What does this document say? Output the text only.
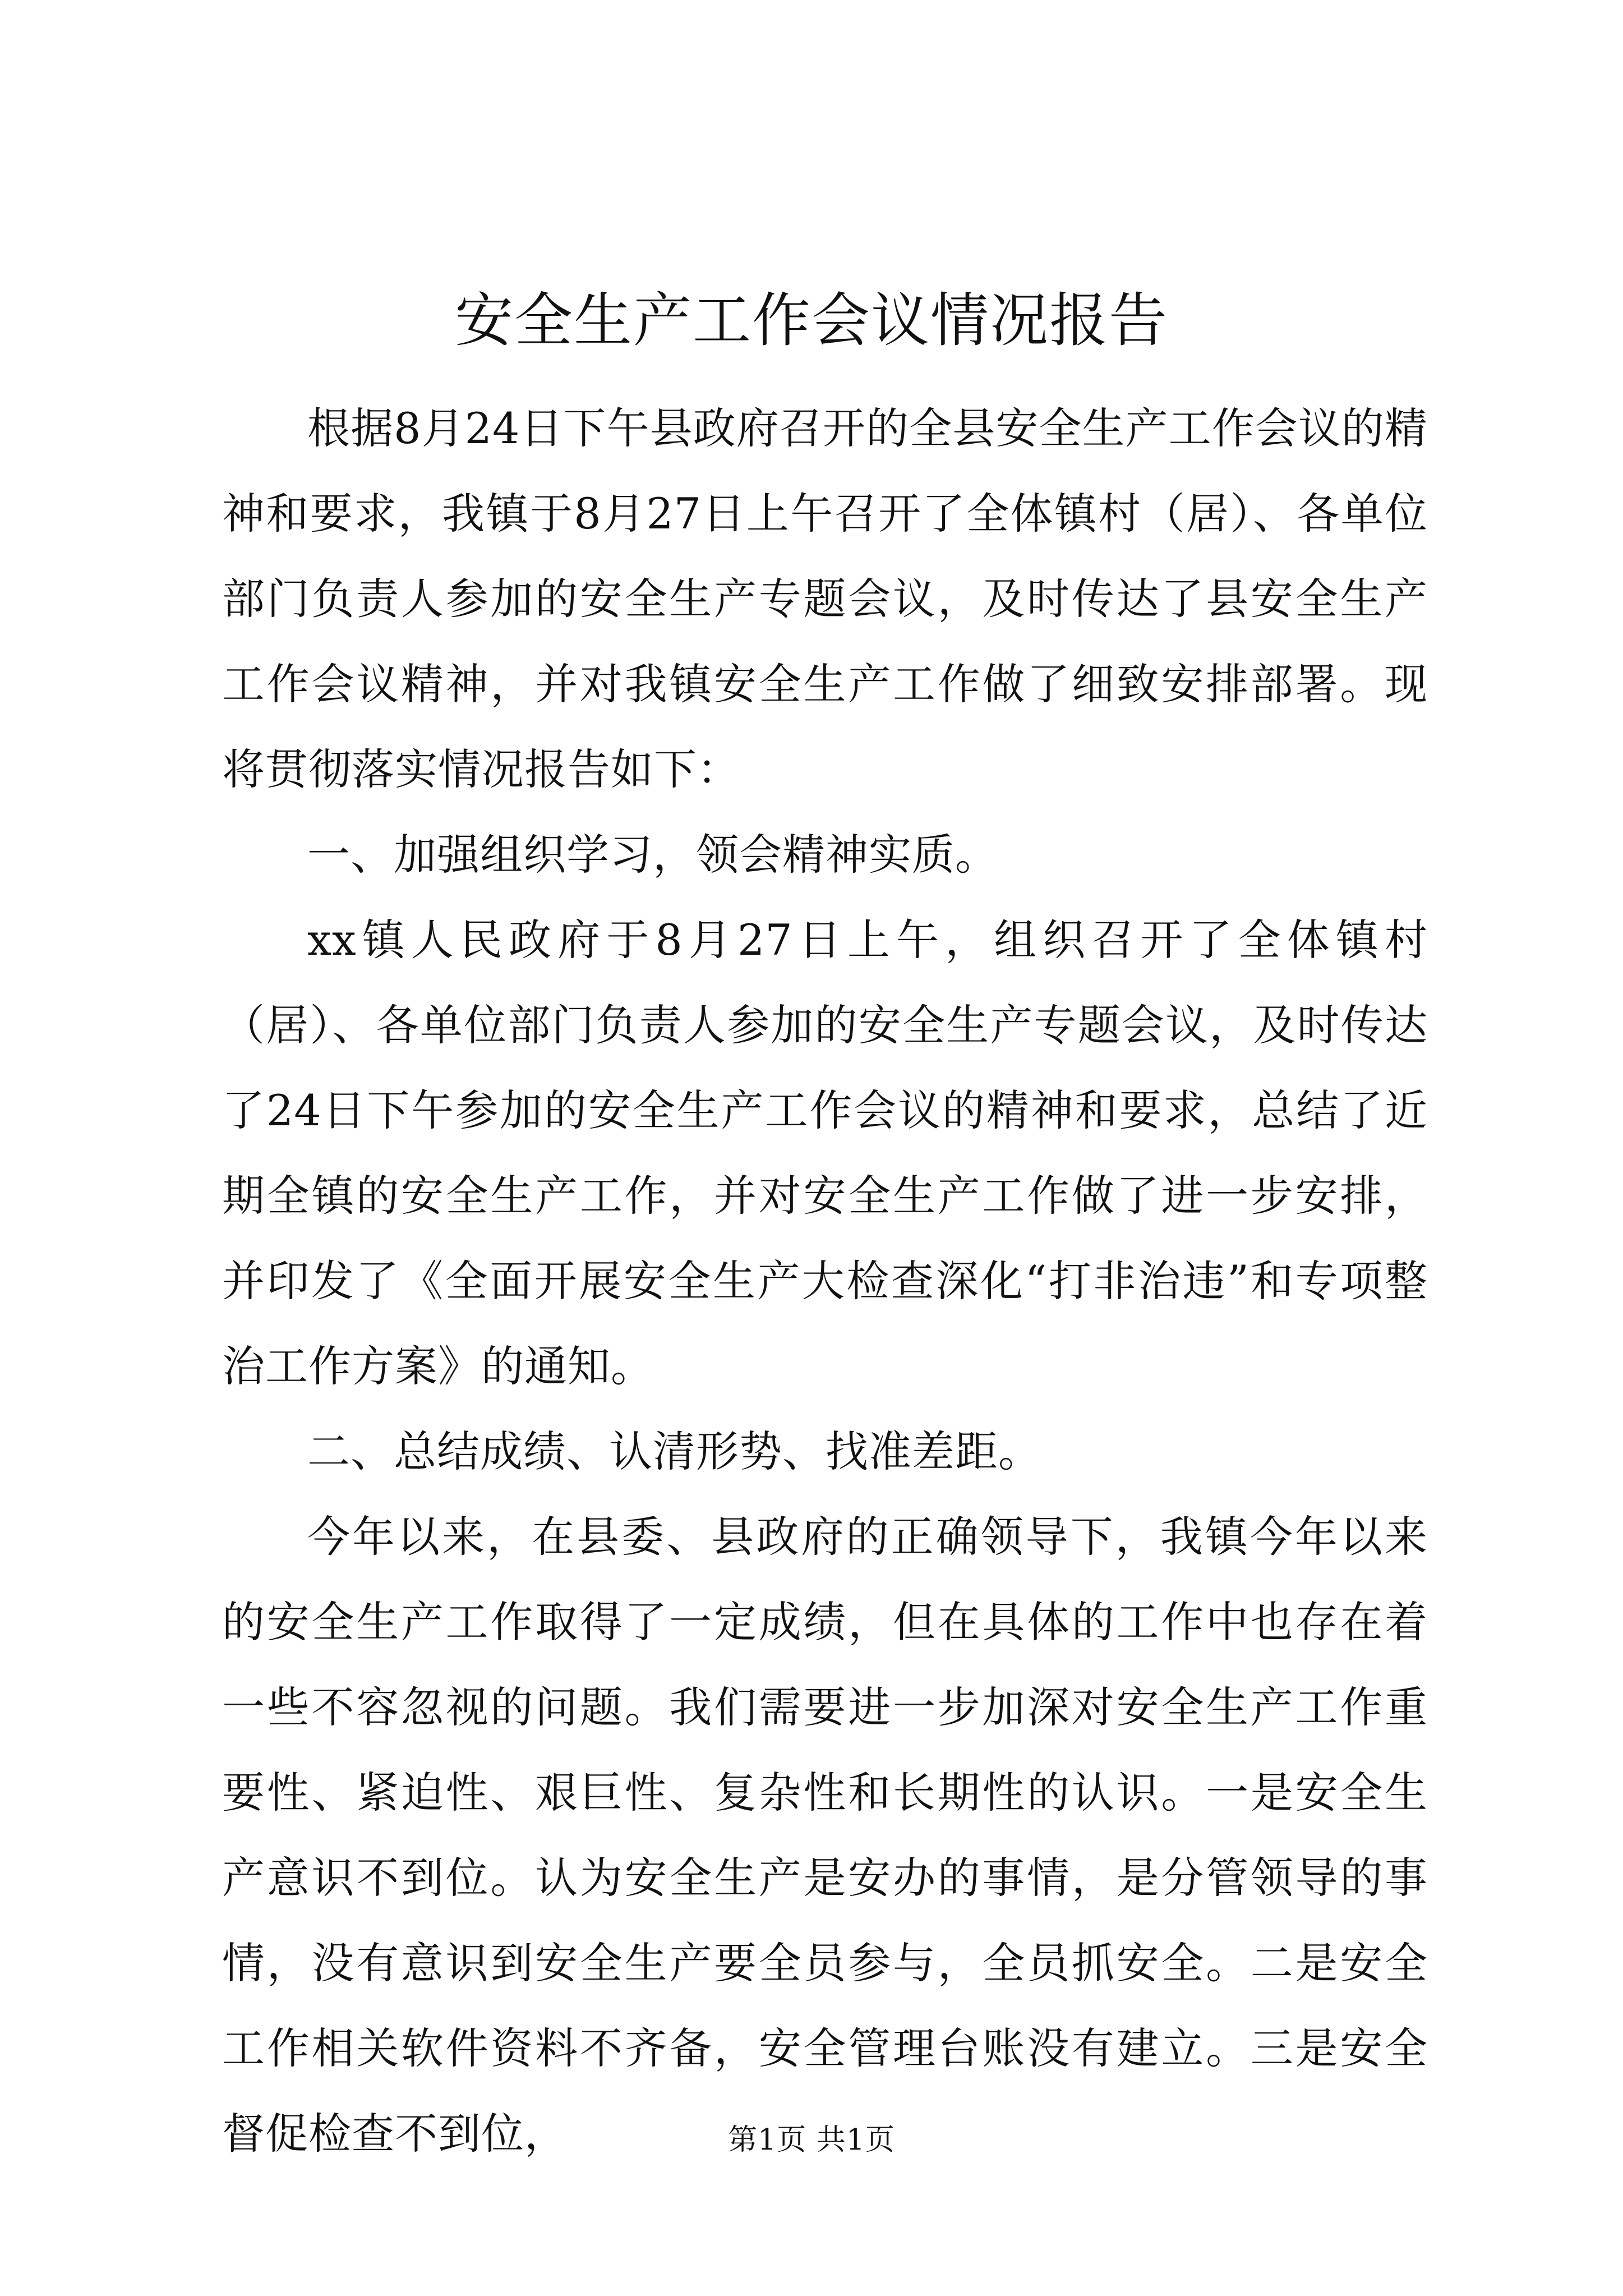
安全生产工作会议情况报告

根据8月24日下午县政府召开的全县安全生产工作会议的精神和要求，我镇于8月27日上午召开了全体镇村（居）、各单位部门负责人参加的安全生产专题会议，及时传达了县安全生产工作会议精神，并对我镇安全生产工作做了细致安排部署。现将贯彻落实情况报告如下：

一、加强组织学习，领会精神实质。

xx镇人民政府于8月27日上午，组织召开了全体镇村（居）、各单位部门负责人参加的安全生产专题会议，及时传达了24日下午参加的安全生产工作会议的精神和要求，总结了近期全镇的安全生产工作，并对安全生产工作做了进一步安排，并印发了《全面开展安全生产大检查深化“打非治违”和专项整治工作方案》的通知。

二、总结成绩、认清形势、找准差距。

今年以来，在县委、县政府的正确领导下，我镇今年以来的安全生产工作取得了一定成绩，但在具体的工作中也存在着一些不容忽视的问题。我们需要进一步加深对安全生产工作重要性、紧迫性、艰巨性、复杂性和长期性的认识。一是安全生产意识不到位。认为安全生产是安办的事情，是分管领导的事情，没有意识到安全生产要全员参与，全员抓安全。二是安全工作相关软件资料不齐备，安全管理台账没有建立。三是安全督促检查不到位，	第1页 共1页
